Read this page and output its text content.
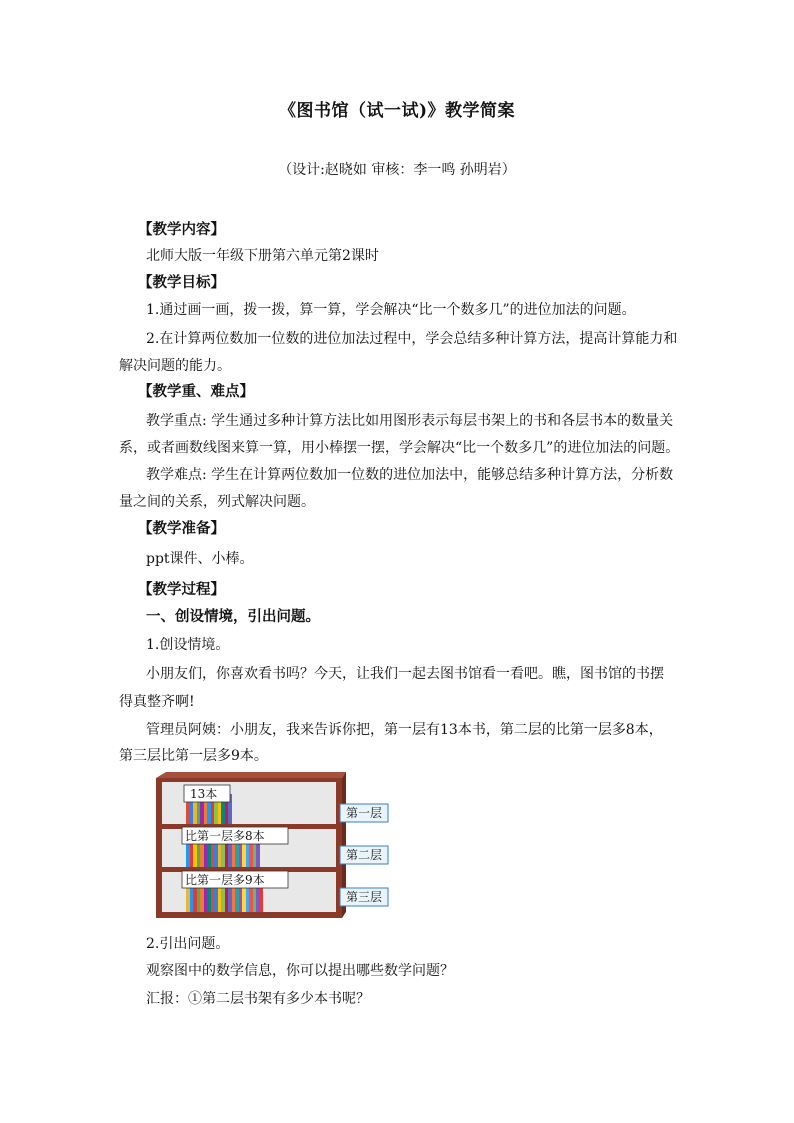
《图书馆（试一试)》教学简案
（设计:赵晓如 审核：李一鸣 孙明岩）
【教学内容】
北师大版一年级下册第六单元第2课时
【教学目标】
1.通过画一画，拨一拨，算一算，学会解决“比一个数多几”的进位加法的问题。
2.在计算两位数加一位数的进位加法过程中，学会总结多种计算方法，提高计算能力和
解决问题的能力。
【教学重、难点】
教学重点: 学生通过多种计算方法比如用图形表示每层书架上的书和各层书本的数量关
系，或者画数线图来算一算，用小棒摆一摆，学会解决“比一个数多几”的进位加法的问题。
教学难点: 学生在计算两位数加一位数的进位加法中，能够总结多种计算方法，分析数
量之间的关系，列式解决问题。
【教学准备】
ppt课件、小棒。
【教学过程】
一、创设情境，引出问题。
1.创设情境。
小朋友们，你喜欢看书吗？今天，让我们一起去图书馆看一看吧。瞧，图书馆的书摆
得真整齐啊!
管理员阿姨：小朋友，我来告诉你把，第一层有13本书，第二层的比第一层多8本，
第三层比第一层多9本。
13本
比第一层多8本
比第一层多9本
第一层
第二层
第三层
2.引出问题。
观察图中的数学信息，你可以提出哪些数学问题？
汇报：①第二层书架有多少本书呢？
